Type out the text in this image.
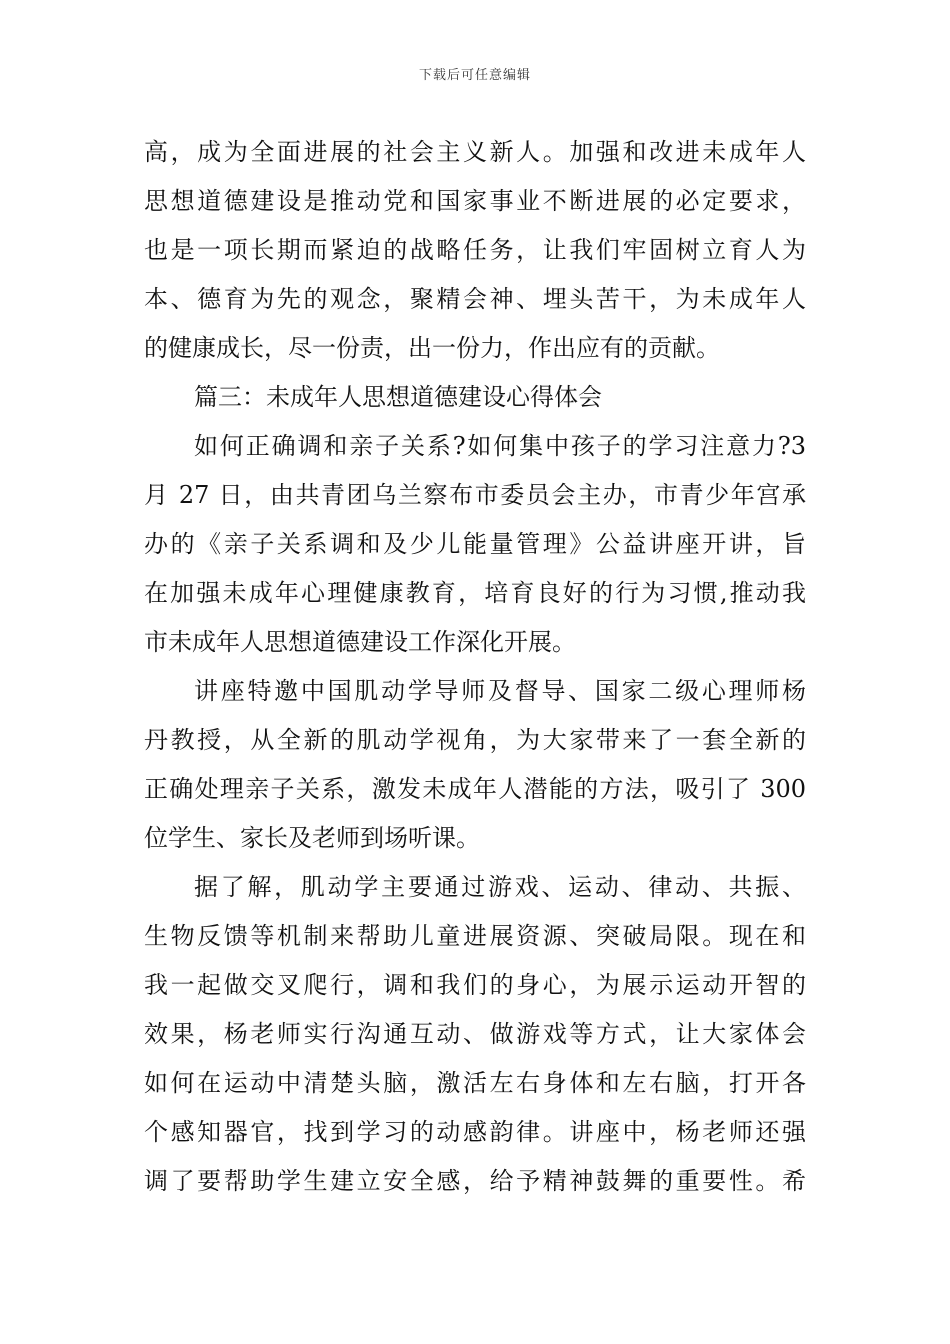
下载后可任意编辑
高，成为全面进展的社会主义新人。加强和改进未成年人
思想道德建设是推动党和国家事业不断进展的必定要求，
也是一项长期而紧迫的战略任务，让我们牢固树立育人为
本、德育为先的观念，聚精会神、埋头苦干，为未成年人
的健康成长，尽一份责，出一份力，作出应有的贡献。
篇三：未成年人思想道德建设心得体会
如何正确调和亲子关系?如何集中孩子的学习注意力?3
月 27 日，由共青团乌兰察布市委员会主办，市青少年宫承
办的《亲子关系调和及少儿能量管理》公益讲座开讲，旨
在加强未成年心理健康教育，培育良好的行为习惯,推动我
市未成年人思想道德建设工作深化开展。
讲座特邀中国肌动学导师及督导、国家二级心理师杨
丹教授，从全新的肌动学视角，为大家带来了一套全新的
正确处理亲子关系，激发未成年人潜能的方法，吸引了 300
位学生、家长及老师到场听课。
据了解，肌动学主要通过游戏、运动、律动、共振、
生物反馈等机制来帮助儿童进展资源、突破局限。现在和
我一起做交叉爬行，调和我们的身心，为展示运动开智的
效果，杨老师实行沟通互动、做游戏等方式，让大家体会
如何在运动中清楚头脑，激活左右身体和左右脑，打开各
个感知器官，找到学习的动感韵律。讲座中，杨老师还强
调了要帮助学生建立安全感，给予精神鼓舞的重要性。希
